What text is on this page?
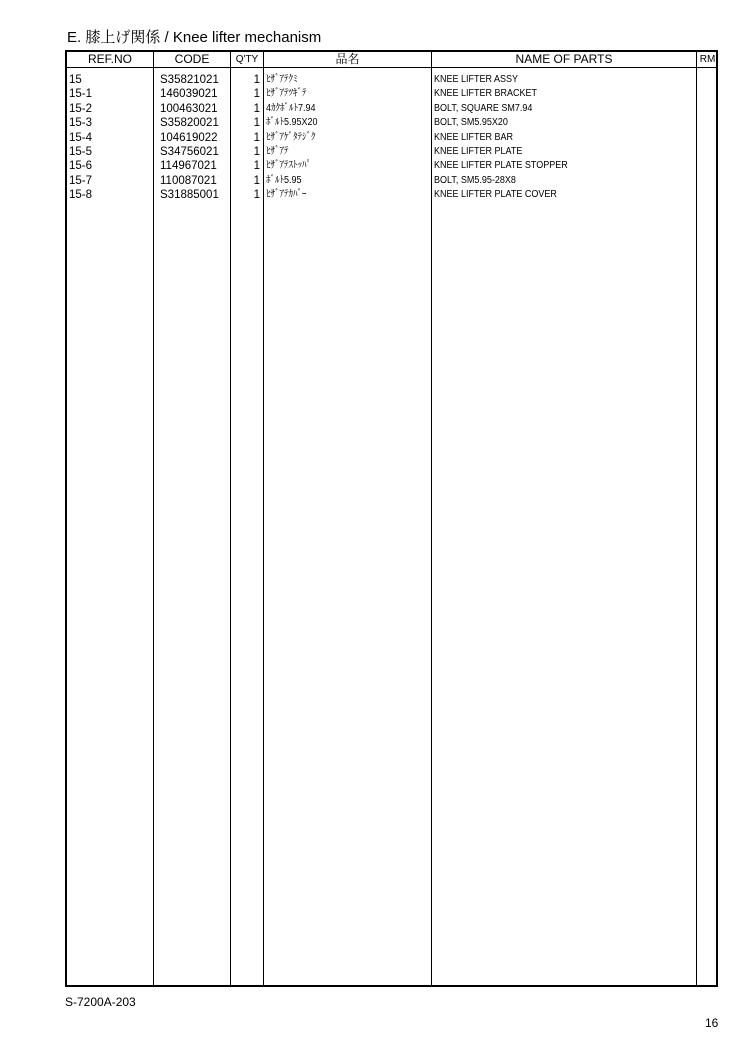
E. 膝上げ関係 / Knee lifter mechanism
REF.NO	CODE	Q'TY	品名	NAME OF PARTS	RM
15	S35821021	1 ﾋｻﾞｱﾃｸﾐ	KNEE LIFTER ASSY
15-1	146039021	1 ﾋｻﾞｱﾃﾂｷﾞﾃ	KNEE LIFTER BRACKET
15-2	100463021	1 4ｶｸﾎﾞﾙﾄ7.94	BOLT, SQUARE SM7.94
15-3	S35820021	1 ﾎﾞﾙﾄ5.95X20	BOLT, SM5.95X20
15-4	104619022	1 ﾋｻﾞｱｹﾞﾀﾃｼﾞｸ	KNEE LIFTER BAR
15-5	S34756021	1 ﾋｻﾞｱﾃ	KNEE LIFTER PLATE
15-6	114967021	1 ﾋｻﾞｱﾃｽﾄｯﾊﾟ	KNEE LIFTER PLATE STOPPER
15-7	110087021	1 ﾎﾞﾙﾄ5.95	BOLT, SM5.95-28X8
15-8	S31885001	1 ﾋｻﾞｱﾃｶﾊﾞｰ	KNEE LIFTER PLATE COVER
S-7200A-203
16
